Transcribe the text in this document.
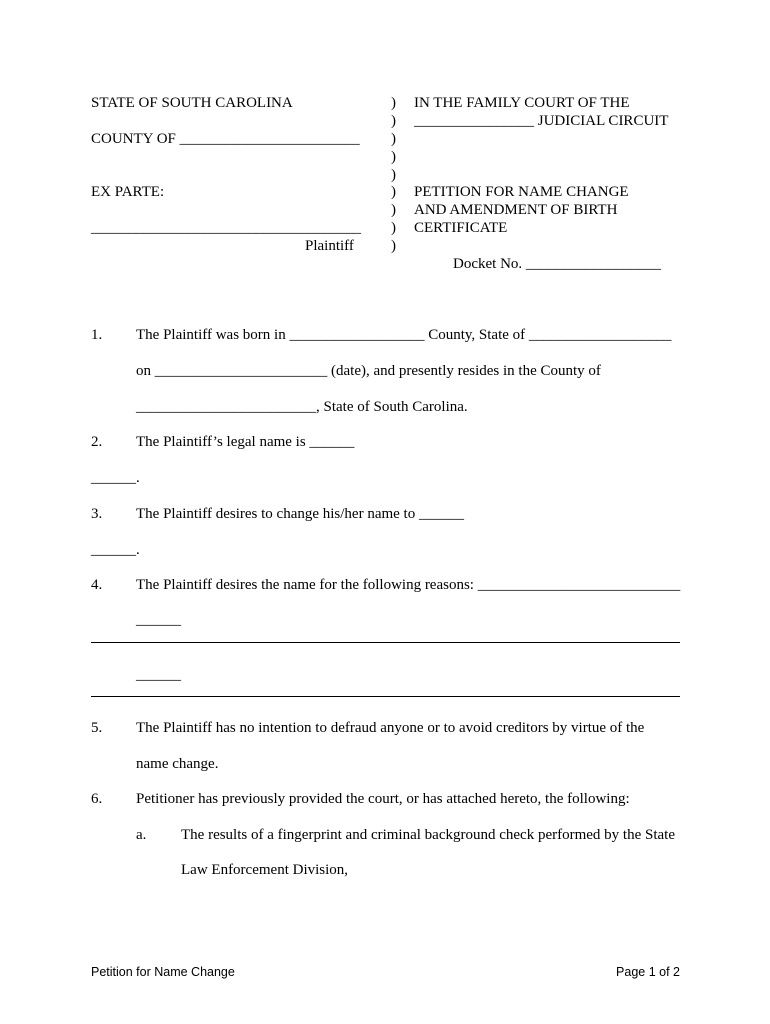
STATE OF SOUTH CAROLINA
COUNTY OF ________________________
EX PARTE:
____________________________________
Plaintiff
)
)
)
)
)
)
)
)
)
IN THE FAMILY COURT OF THE
________________ JUDICIAL CIRCUIT
PETITION FOR NAME CHANGE
AND AMENDMENT OF BIRTH
CERTIFICATE
Docket No. __________________
1. The Plaintiff was born in __________________ County, State of ___________________
on _______________________ (date), and presently resides in the County of
________________________, State of South Carolina.
2. The Plaintiff’s legal name is ______
______.
3. The Plaintiff desires to change his/her name to ______
______.
4. The Plaintiff desires the name for the following reasons: ___________________________
______
______
5. The Plaintiff has no intention to defraud anyone or to avoid creditors by virtue of the
name change.
6. Petitioner has previously provided the court, or has attached hereto, the following:
a. The results of a fingerprint and criminal background check performed by the State
Law Enforcement Division,
Petition for Name Change	Page 1 of 2
